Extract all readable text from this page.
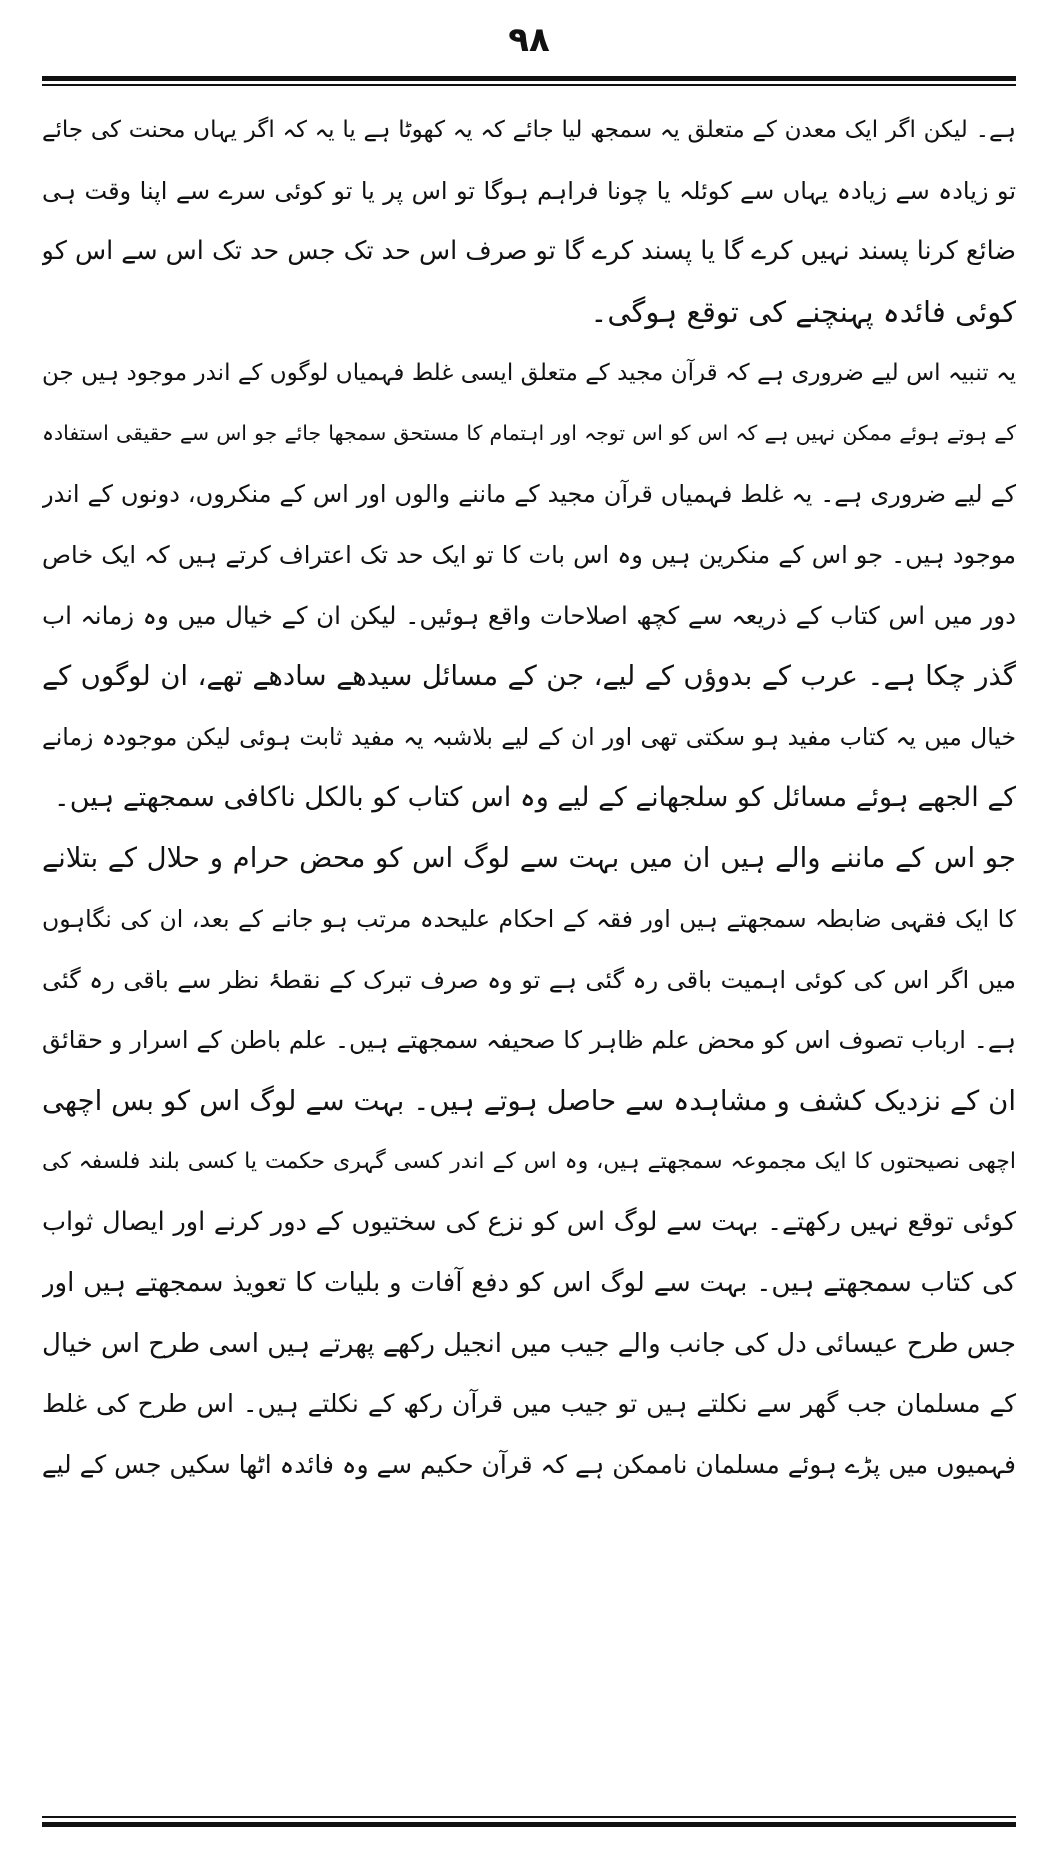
۹۸
ہے۔ لیکن اگر ایک معدن کے متعلق یہ سمجھ لیا جائے کہ یہ کھوٹا ہے یا یہ کہ اگر یہاں محنت کی جائے
تو زیادہ سے زیادہ یہاں سے کوئلہ یا چونا فراہم ہوگا تو اس پر یا تو کوئی سرے سے اپنا وقت ہی
ضائع کرنا پسند نہیں کرے گا یا پسند کرے گا تو صرف اس حد تک جس حد تک اس سے اس کو
کوئی فائدہ پہنچنے کی توقع ہوگی۔
یہ تنبیہ اس لیے ضروری ہے کہ قرآن مجید کے متعلق ایسی غلط فہمیاں لوگوں کے اندر موجود ہیں جن
کے ہوتے ہوئے ممکن نہیں ہے کہ اس کو اس توجہ اور اہتمام کا مستحق سمجھا جائے جو اس سے حقیقی استفادہ
کے لیے ضروری ہے۔ یہ غلط فہمیاں قرآن مجید کے ماننے والوں اور اس کے منکروں، دونوں کے اندر
موجود ہیں۔ جو اس کے منکرین ہیں وہ اس بات کا تو ایک حد تک اعتراف کرتے ہیں کہ ایک خاص
دور میں اس کتاب کے ذریعہ سے کچھ اصلاحات واقع ہوئیں۔ لیکن ان کے خیال میں وہ زمانہ اب
گذر چکا ہے۔ عرب کے بدوؤں کے لیے، جن کے مسائل سیدھے سادھے تھے، ان لوگوں کے
خیال میں یہ کتاب مفید ہو سکتی تھی اور ان کے لیے بلاشبہ یہ مفید ثابت ہوئی لیکن موجودہ زمانے
کے الجھے ہوئے مسائل کو سلجھانے کے لیے وہ اس کتاب کو بالکل ناکافی سمجھتے ہیں۔
جو اس کے ماننے والے ہیں ان میں بہت سے لوگ اس کو محض حرام و حلال کے بتلانے
کا ایک فقہی ضابطہ سمجھتے ہیں اور فقہ کے احکام علیحدہ مرتب ہو جانے کے بعد، ان کی نگاہوں
میں اگر اس کی کوئی اہمیت باقی رہ گئی ہے تو وہ صرف تبرک کے نقطۂ نظر سے باقی رہ گئی
ہے۔ ارباب تصوف اس کو محض علم ظاہر کا صحیفہ سمجھتے ہیں۔ علم باطن کے اسرار و حقائق
ان کے نزدیک کشف و مشاہدہ سے حاصل ہوتے ہیں۔ بہت سے لوگ اس کو بس اچھی
اچھی نصیحتوں کا ایک مجموعہ سمجھتے ہیں، وہ اس کے اندر کسی گہری حکمت یا کسی بلند فلسفہ کی
کوئی توقع نہیں رکھتے۔ بہت سے لوگ اس کو نزع کی سختیوں کے دور کرنے اور ایصال ثواب
کی کتاب سمجھتے ہیں۔ بہت سے لوگ اس کو دفع آفات و بلیات کا تعویذ سمجھتے ہیں اور
جس طرح عیسائی دل کی جانب والے جیب میں انجیل رکھے پھرتے ہیں اسی طرح اس خیال
کے مسلمان جب گھر سے نکلتے ہیں تو جیب میں قرآن رکھ کے نکلتے ہیں۔ اس طرح کی غلط
فہمیوں میں پڑے ہوئے مسلمان ناممکن ہے کہ قرآن حکیم سے وہ فائدہ اٹھا سکیں جس کے لیے
